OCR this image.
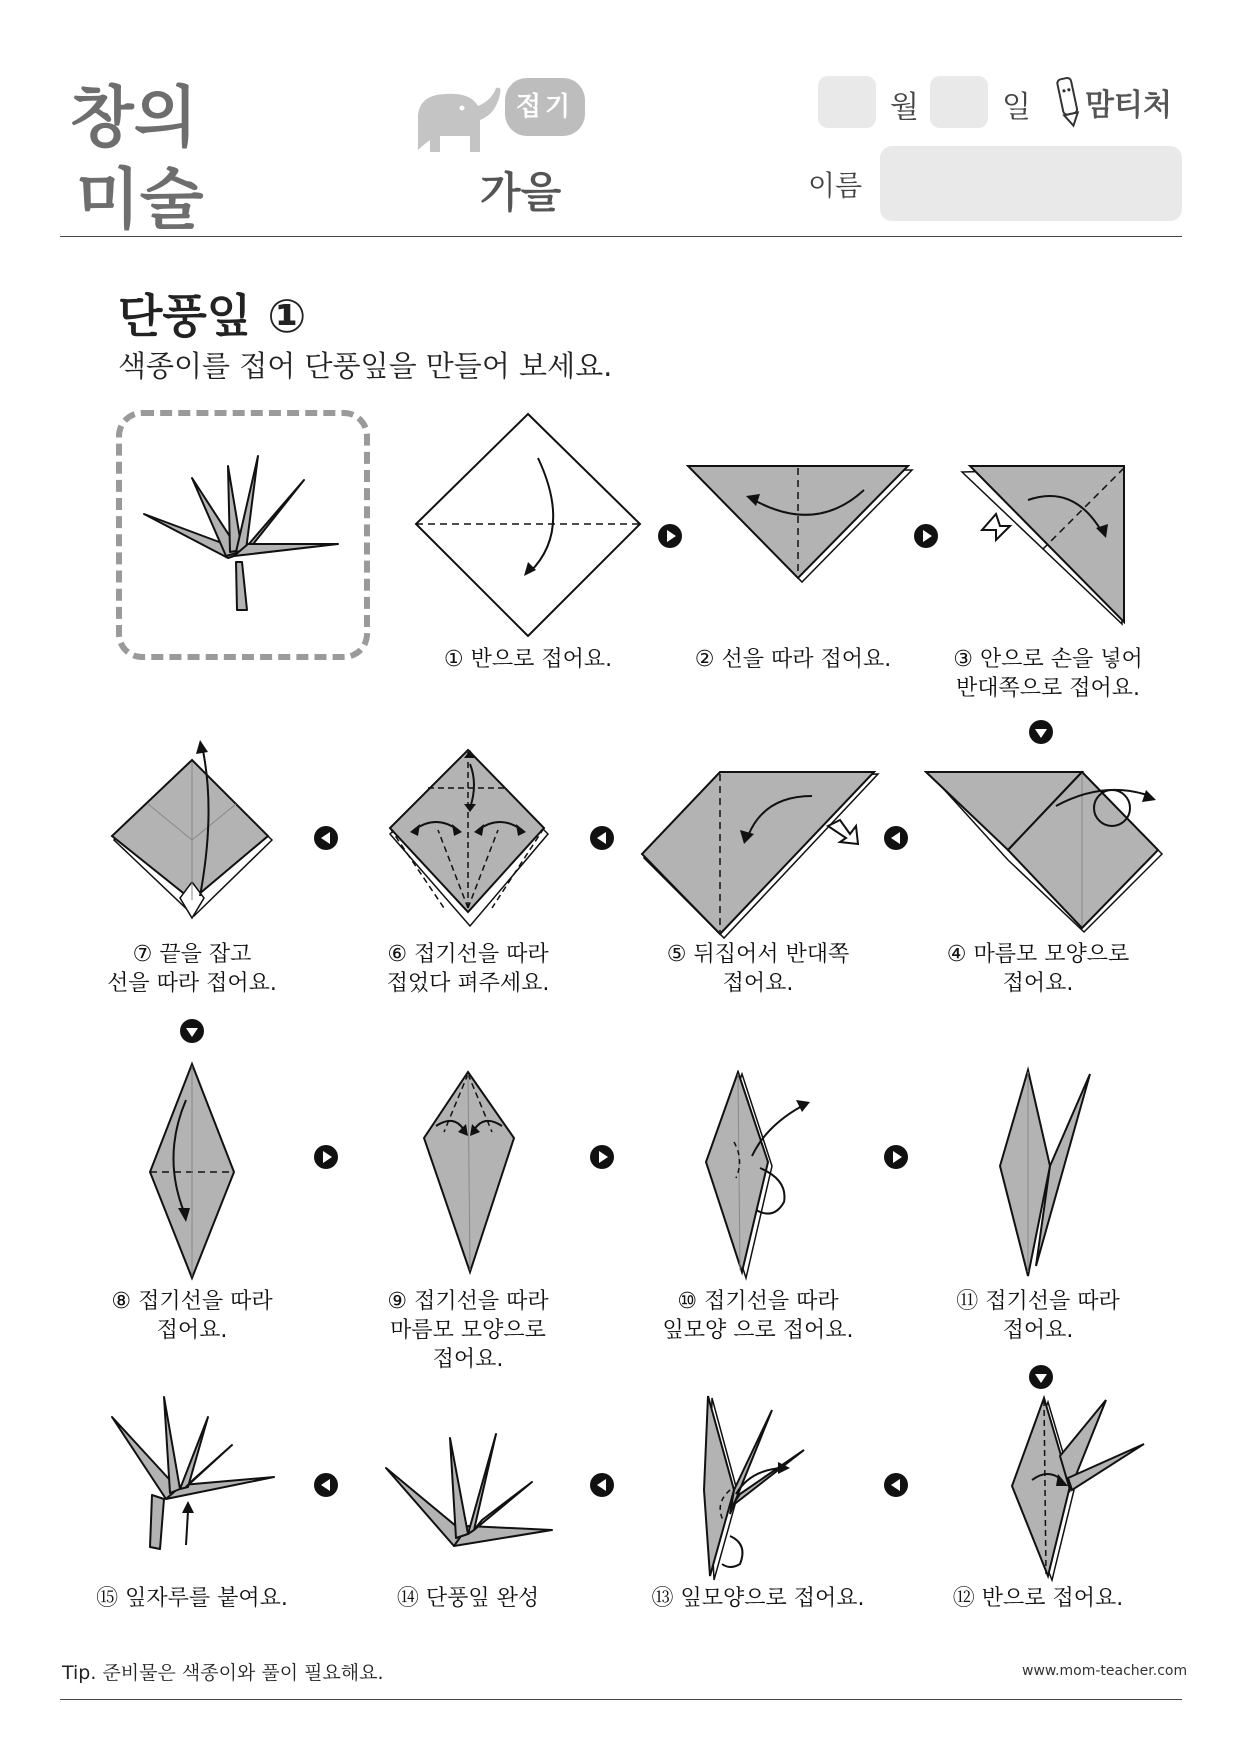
창의
미술
접기
가을
월	일 맘티처
이름
단풍잎 ①
색종이를 접어 단풍잎을 만들어 보세요.
① 반으로 접어요.	② 선을 따라 접어요.	③ 안으로 손을 넣어
반대쪽으로 접어요.
⑦ 끝을 잡고
선을 따라 접어요.
⑥ 접기선을 따라
접었다 펴주세요.
⑤ 뒤집어서 반대쪽
접어요.
④ 마름모 모양으로
접어요.
⑧ 접기선을 따라
접어요.
⑨ 접기선을 따라
마름모 모양으로
접어요.
⑩ 접기선을 따라
잎모양 으로 접어요.
⑪ 접기선을 따라
접어요.
⑮ 잎자루를 붙여요.	⑭ 단풍잎 완성	⑬ 잎모양으로 접어요.	⑫ 반으로 접어요.
Tip. 준비물은 색종이와 풀이 필요해요.	www.mom-teacher.com
